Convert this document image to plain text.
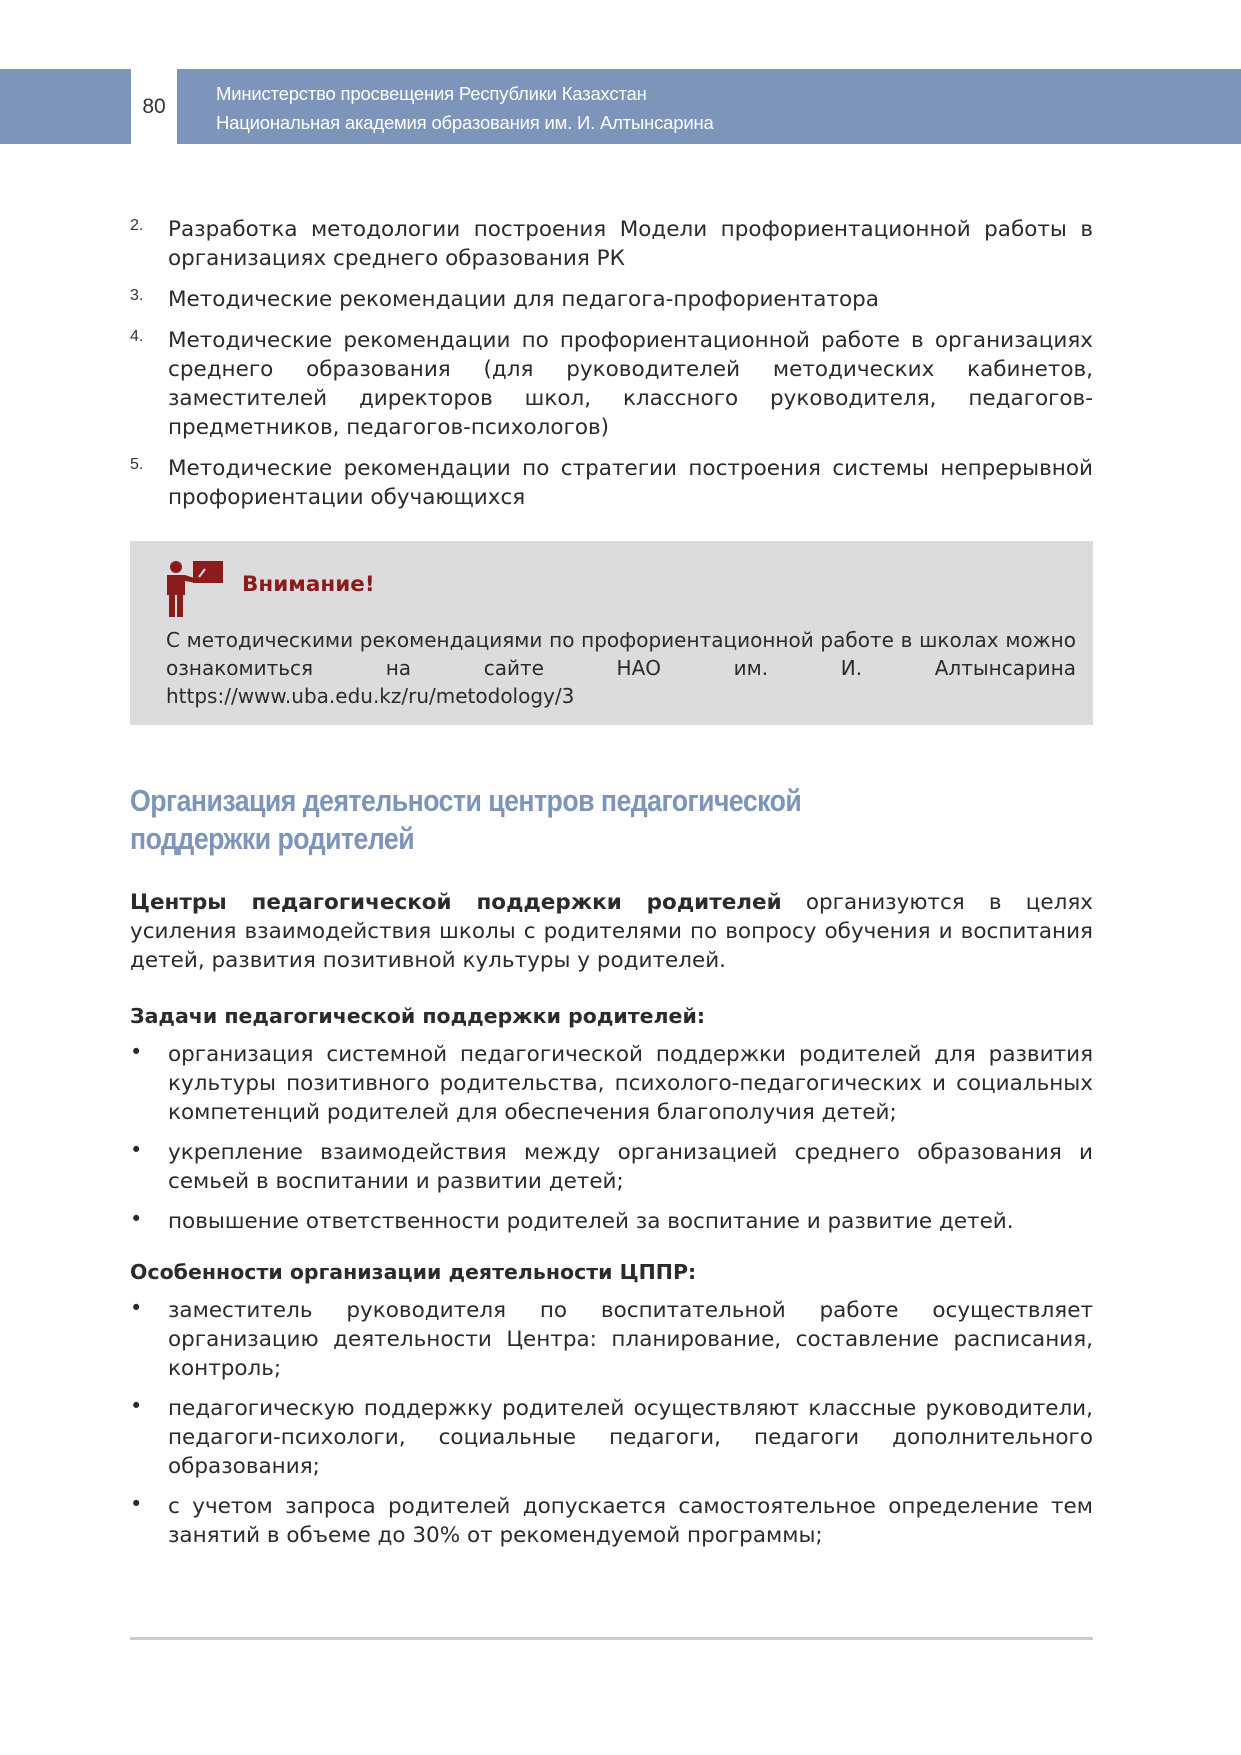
80
Министерство просвещения Республики Казахстан
Национальная академия образования им. И. Алтынсарина
2. Разработка методологии построения Модели профориентационной работы в организациях среднего образования РК
3. Методические рекомендации для педагога-профориентатора
4. Методические рекомендации по профориентационной работе в организациях среднего образования (для руководителей методических кабинетов, заместителей директоров школ, классного руководителя, педагогов-предметников, педагогов-психологов)
5. Методические рекомендации по стратегии построения системы непрерывной профориентации обучающихся
Внимание!
С методическими рекомендациями по профориентационной работе в школах можно ознакомиться на сайте НАО им. И. Алтынсарина https://www.uba.edu.kz/ru/metodology/3
Организация деятельности центров педагогической
поддержки родителей
Центры педагогической поддержки родителей организуются в целях усиления взаимодействия школы с родителями по вопросу обучения и воспитания детей, развития позитивной культуры у родителей.
Задачи педагогической поддержки родителей:
• организация системной педагогической поддержки родителей для развития культуры позитивного родительства, психолого-педагогических и социальных компетенций родителей для обеспечения благополучия детей;
• укрепление взаимодействия между организацией среднего образования и семьей в воспитании и развитии детей;
• повышение ответственности родителей за воспитание и развитие детей.
Особенности организации деятельности ЦППР:
• заместитель руководителя по воспитательной работе осуществляет организацию деятельности Центра: планирование, составление расписания, контроль;
• педагогическую поддержку родителей осуществляют классные руководители, педагоги-психологи, социальные педагоги, педагоги дополнительного образования;
• с учетом запроса родителей допускается самостоятельное определение тем занятий в объеме до 30% от рекомендуемой программы;
